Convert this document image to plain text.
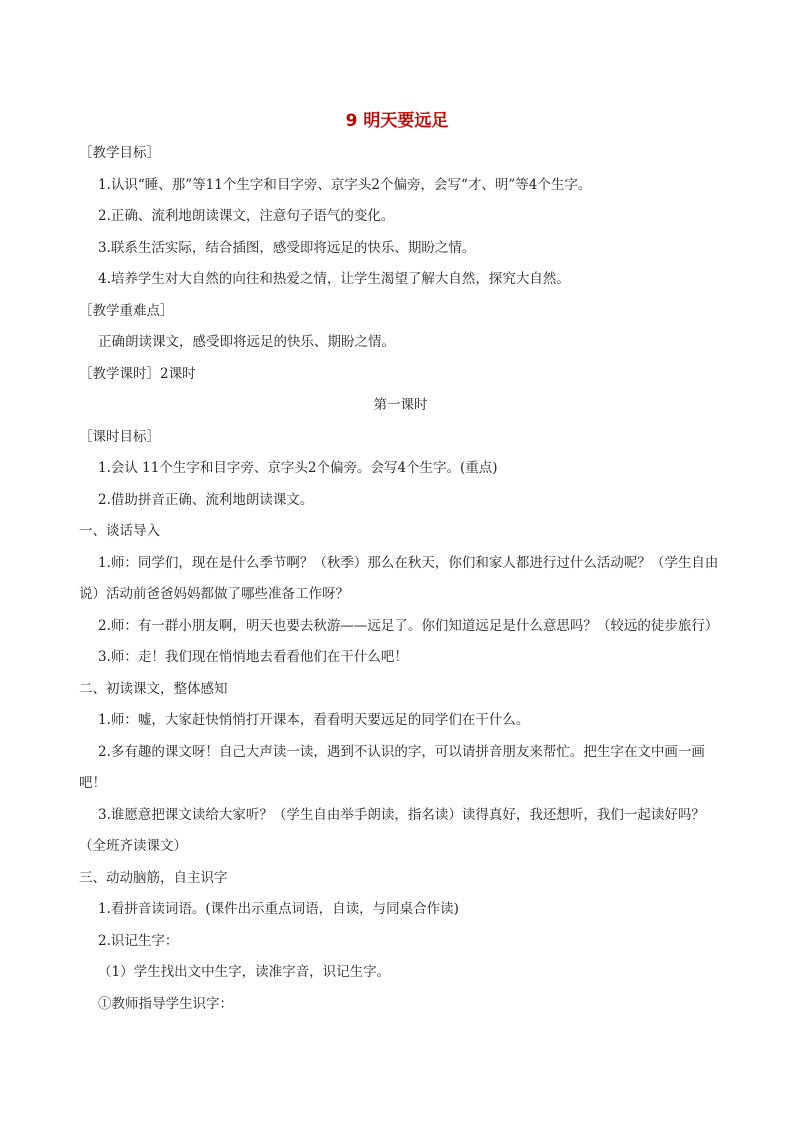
9 明天要远足
［教学目标］
1.认识“睡、那”等11个生字和目字旁、京字头2个偏旁，会写“才、明”等4个生字。
2.正确、流利地朗读课文，注意句子语气的变化。
3.联系生活实际，结合插图，感受即将远足的快乐、期盼之情。
4.培养学生对大自然的向往和热爱之情，让学生渴望了解大自然，探究大自然。
［教学重难点］
正确朗读课文，感受即将远足的快乐、期盼之情。
［教学课时］2课时
第一课时
［课时目标］
1.会认 11个生字和目字旁、京字头2个偏旁。会写4个生字。(重点)
2.借助拼音正确、流利地朗读课文。
一、谈话导入
1.师：同学们，现在是什么季节啊？（秋季）那么在秋天，你们和家人都进行过什么活动呢？（学生自由说）活动前爸爸妈妈都做了哪些准备工作呀？
2.师：有一群小朋友啊，明天也要去秋游——远足了。你们知道远足是什么意思吗？（较远的徒步旅行）
3.师：走！我们现在悄悄地去看看他们在干什么吧！
二、初读课文，整体感知
1.师：嘘，大家赶快悄悄打开课本，看看明天要远足的同学们在干什么。
2.多有趣的课文呀！自己大声读一读，遇到不认识的字，可以请拼音朋友来帮忙。把生字在文中画一画吧！
3.谁愿意把课文读给大家听？（学生自由举手朗读，指名读）读得真好，我还想听，我们一起读好吗？（全班齐读课文）
三、动动脑筋，自主识字
1.看拼音读词语。(课件出示重点词语，自读，与同桌合作读)
2.识记生字：
（1）学生找出文中生字，读准字音，识记生字。
①教师指导学生识字：
